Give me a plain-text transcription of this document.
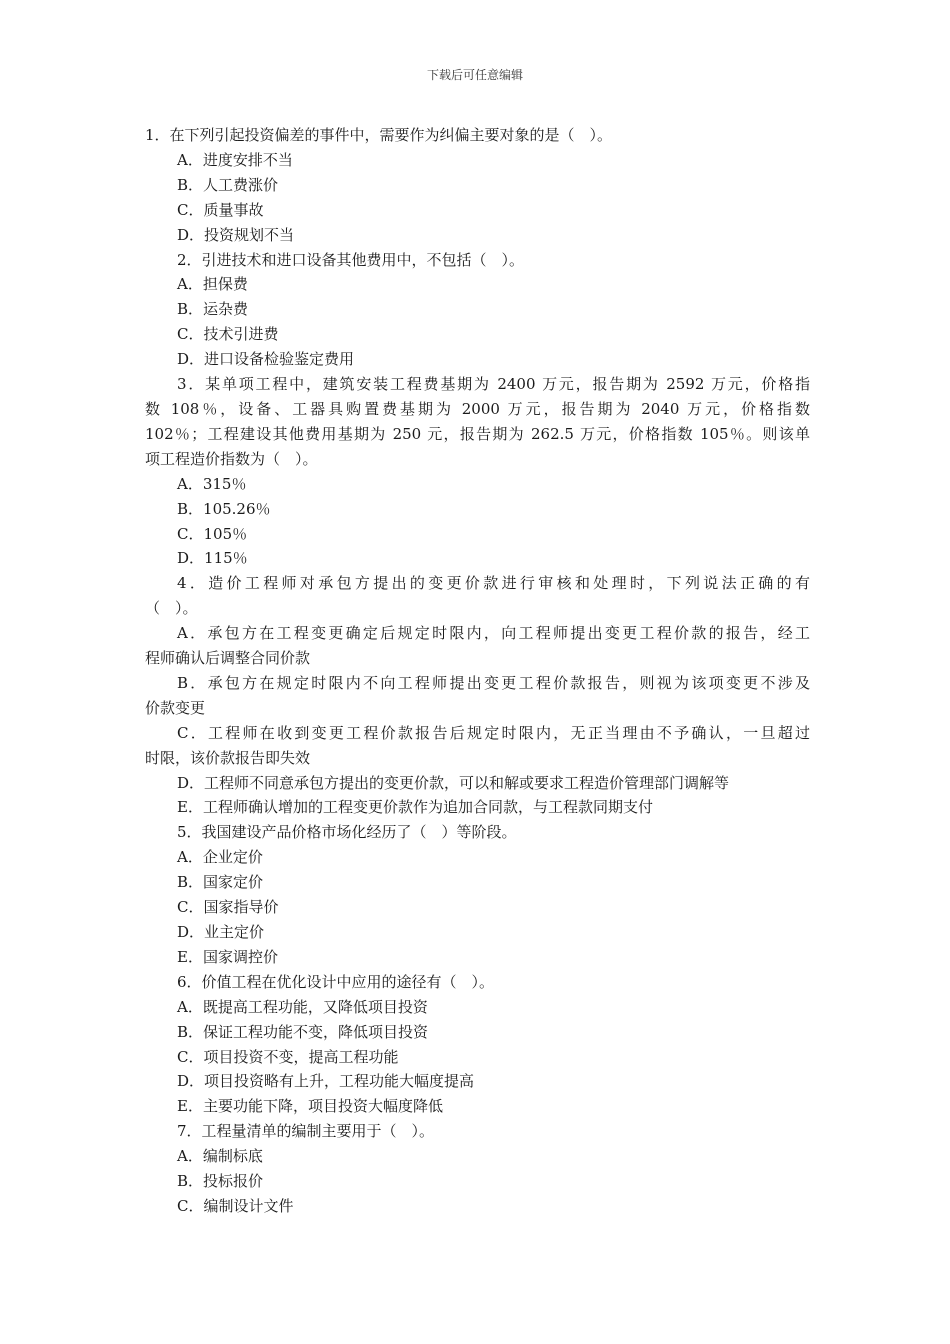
下载后可任意编辑
1．在下列引起投资偏差的事件中，需要作为纠偏主要对象的是（　）。
A．进度安排不当
B．人工费涨价
C．质量事故
D．投资规划不当
2．引进技术和进口设备其他费用中，不包括（　）。
A．担保费
B．运杂费
C．技术引进费
D．进口设备检验鉴定费用
3．某单项工程中，建筑安装工程费基期为 2400 万元，报告期为 2592 万元，价格指
数 108％，设备、工器具购置费基期为 2000 万元，报告期为 2040 万元，价格指数
102％；工程建设其他费用基期为 250 元，报告期为 262.5 万元，价格指数 105％。则该单
项工程造价指数为（　）。
A．315％
B．105.26％
C．105％
D．115％
4．造价工程师对承包方提出的变更价款进行审核和处理时，下列说法正确的有
（　）。
A．承包方在工程变更确定后规定时限内，向工程师提出变更工程价款的报告，经工
程师确认后调整合同价款
B．承包方在规定时限内不向工程师提出变更工程价款报告，则视为该项变更不涉及
价款变更
C．工程师在收到变更工程价款报告后规定时限内，无正当理由不予确认，一旦超过
时限，该价款报告即失效
D．工程师不同意承包方提出的变更价款，可以和解或要求工程造价管理部门调解等
E．工程师确认增加的工程变更价款作为追加合同款，与工程款同期支付
5．我国建设产品价格市场化经历了（　）等阶段。
A．企业定价
B．国家定价
C．国家指导价
D．业主定价
E．国家调控价
6．价值工程在优化设计中应用的途径有（　）。
A．既提高工程功能，又降低项目投资
B．保证工程功能不变，降低项目投资
C．项目投资不变，提高工程功能
D．项目投资略有上升，工程功能大幅度提高
E．主要功能下降，项目投资大幅度降低
7．工程量清单的编制主要用于（　）。
A．编制标底
B．投标报价
C．编制设计文件
